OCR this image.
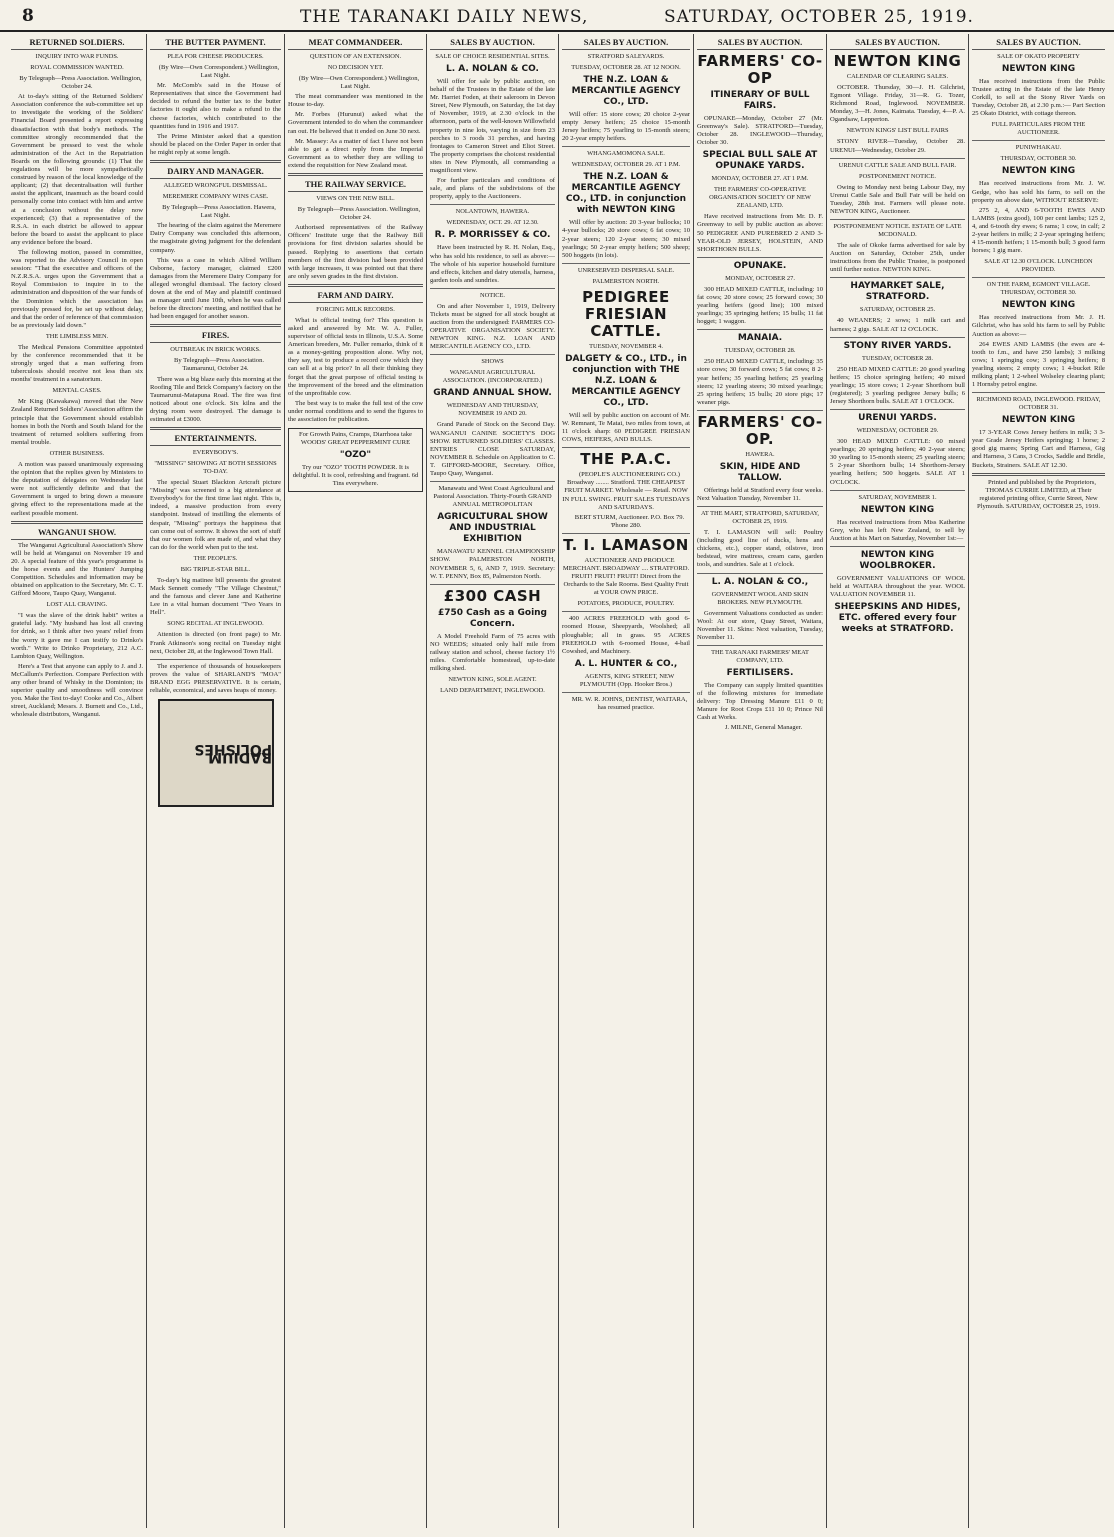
8	THE TARANAKI DAILY NEWS,	SATURDAY, OCTOBER 25, 1919.
RETURNED SOLDIERS.
INQUIRY INTO WAR FUNDS.
ROYAL COMMISSION WANTED.

By Telegraph—Press Association. Wellington, October 24.

At to-day's sitting of the Returned Soldiers' Association conference the sub-committee set up to investigate the working of the Soldiers' Financial Board presented a report expressing dissatisfaction with that body's methods. The committee strongly recommended that the Government be pressed to vest the whole administration of the Act in the Repatriation Boards on the following grounds: (1) That the regulations will be more sympathetically construed by reason of the local knowledge of the applicant; (2) that decentralisation will further assist the applicant, inasmuch as the board could personally come into contact with him and arrive at a conclusion without the delay now experienced; (3) that a representative of the R.S.A. in each district be allowed to appear before the board to assist the applicant to place any evidence before the board.

The following motion, passed in committee, was reported to the Advisory Council in open session: "That the executive and officers of the N.Z.R.S.A. urges upon the Government that a Royal Commission to inquire in to the administration and disposition of the war funds of the Dominion which the association has previously pressed for, be set up without delay, and that the order of reference of that commission be as previously laid down."

THE LIMBLESS MEN.

The Medical Pensions Committee appointed by the conference recommended that it be strongly urged that a man suffering from tuberculosis should receive not less than six months' treatment in a sanatorium.

MENTAL CASES.

Mr King (Kawakawa) moved that the New Zealand Returned Soldiers' Association affirm the principle that the Government should establish homes in both the North and South Island for the treatment of returned soldiers suffering from mental trouble.

OTHER BUSINESS.

A motion was passed unanimously expressing the opinion that the replies given by Ministers to the deputation of delegates on Wednesday last were not sufficiently definite and that the Government is urged to bring down a measure giving effect to the representations made at the earliest possible moment.

WANGANUI SHOW.

The Wanganui Agricultural Association's Show will be held at Wanganui on November 19 and 20. A special feature of this year's programme is the horse events and the Hunters' Jumping Competition. Schedules and information may be obtained on application to the Secretary, Mr. C. T. Gifford Moore, Taupo Quay, Wanganui.

LOST ALL CRAVING.

"I was the slave of the drink habit" writes a grateful lady. "My husband has lost all craving for drink, so I think after two years' relief from the worry it gave me I can testify to Drinko's worth." Write to Drinko Proprietary, 212 A.C. Lambton Quay, Wellington.

Here's a Test that anyone can apply to J. and J. McCallum's Perfection. Compare Perfection with any other brand of Whisky in the Dominion; its superior quality and smoothness will convince you. Make the Test to-day! Cooke and Co., Albert street, Auckland; Messrs. J. Burnett and Co., Ltd., wholesale distributors, Wanganui.

THE BUTTER PAYMENT.
PLEA FOR CHEESE PRODUCERS.

(By Wire—Own Correspondent.) Wellington, Last Night.

Mr. McComb's said in the House of Representatives that since the Government had decided to refund the butter tax to the butter factories it ought also to make a refund to the cheese factories, which contributed to the quantities fund in 1916 and 1917.

The Prime Minister asked that a question should be placed on the Order Paper in order that he might reply at some length.

DAIRY AND MANAGER.
ALLEGED WRONGFUL DISMISSAL.
MEREMERE COMPANY WINS CASE.

By Telegraph—Press Association. Hawera, Last Night.

The hearing of the claim against the Meremere Dairy Company was concluded this afternoon, the magistrate giving judgment for the defendant company.

This was a case in which Alfred William Osborne, factory manager, claimed £200 damages from the Meremere Dairy Company for alleged wrongful dismissal. The factory closed down at the end of May and plaintiff continued as manager until June 10th, when he was called before the directors' meeting, and notified that he had been engaged for another season.

FIRES.
OUTBREAK IN BRICK WORKS.

By Telegraph—Press Association. Taumarunui, October 24.

There was a big blaze early this morning at the Roofing Tile and Brick Company's factory on the Taumarunui-Matapuna Road. The fire was first noticed about one o'clock. Six kilns and the drying room were destroyed. The damage is estimated at £3000.

ENTERTAINMENTS.
EVERYBODY'S.
"MISSING" SHOWING AT BOTH SESSIONS TO-DAY.

The special Stuart Blackton Artcraft picture "Missing" was screened to a big attendance at Everybody's for the first time last night. This is, indeed, a massive production from every standpoint. Instead of instilling the elements of despair, "Missing" portrays the happiness that can come out of sorrow. It shows the sort of stuff that our women folk are made of, and what they can do for the world when put to the test.

THE PEOPLE'S.
BIG TRIPLE-STAR BILL.

To-day's big matinee bill presents the greatest Mack Sennett comedy "The Village Chestnut," and the famous and clever Jane and Katherine Lee in a vital human document "Two Years in Hell".

SONG RECITAL AT INGLEWOOD.

Attention is directed (on front page) to Mr. Frank Atkinson's song recital on Tuesday night next, October 28, at the Inglewood Town Hall.

The experience of thousands of housekeepers proves the value of SHARLAND'S "MOA" BRAND EGG PRESERVATIVE. It is certain, reliable, economical, and saves heaps of money.

RADIUM POLISHES
MEAT COMMANDEER.
QUESTION OF AN EXTENSION.
NO DECISION YET.

(By Wire—Own Correspondent.) Wellington, Last Night.

The meat commandeer was mentioned in the House to-day.

Mr. Forbes (Hurunui) asked what the Government intended to do when the commandeer ran out. He believed that it ended on June 30 next.

Mr. Massey: As a matter of fact I have not been able to get a direct reply from the Imperial Government as to whether they are willing to extend the requisition for New Zealand meat.

THE RAILWAY SERVICE.
VIEWS ON THE NEW BILL.

By Telegraph—Press Association. Wellington, October 24.

Authorised representatives of the Railway Officers' Institute urge that the Railway Bill provisions for first division salaries should be passed. Replying to assertions that certain members of the first division had been provided with large increases, it was pointed out that there are only seven grades in the first division.

FARM AND DAIRY.
FORCING MILK RECORDS.

What is official testing for? This question is asked and answered by Mr. W. A. Fuller, supervisor of official tests in Illinois, U.S.A. Some American breeders, Mr. Fuller remarks, think of it as a money-getting proposition alone. Why not, they say, test to produce a record cow which they can sell at a big price? In all their thinking they forget that the great purpose of official testing is the improvement of the breed and the elimination of the unprofitable cow.

The best way is to make the full test of the cow under normal conditions and to send the figures to the association for publication.

For Growth Pains, Cramps, Diarrhoea take WOODS' GREAT PEPPERMINT CURE
"OZO"
Try our "OZO" TOOTH POWDER. It is delightful. It is cool, refreshing and fragrant. 6d Tins everywhere.
SALES BY AUCTION.
SALE OF CHOICE RESIDENTIAL SITES.
L. A. NOLAN & CO.

Will offer for sale by public auction, on behalf of the Trustees in the Estate of the late Mr. Harriet Foden, at their saleroom in Devon Street, New Plymouth, on Saturday, the 1st day of November, 1919, at 2.30 o'clock in the afternoon, parts of the well-known Willowfield property in nine lots, varying in size from 23 perches to 3 roods 31 perches, and having frontages to Cameron Street and Eliot Street. The property comprises the choicest residential sites in New Plymouth, all commanding a magnificent view.

For further particulars and conditions of sale, and plans of the subdivisions of the property, apply to the Auctioneers.

NOLANTOWN, HAWERA.
WEDNESDAY, OCT. 29. AT 12.30.
R. P. MORRISSEY & CO.

Have been instructed by R. H. Nolan, Esq., who has sold his residence, to sell as above:— The whole of his superior household furniture and effects, kitchen and dairy utensils, harness, garden tools and sundries.

NOTICE.

On and after November 1, 1919, Delivery Tickets must be signed for all stock bought at auction from the undersigned: FARMERS CO-OPERATIVE ORGANISATION SOCIETY. NEWTON KING. N.Z. LOAN AND MERCANTILE AGENCY CO., LTD.

SHOWS
WANGANUI AGRICULTURAL ASSOCIATION. (INCORPORATED.)
GRAND ANNUAL SHOW.
WEDNESDAY AND THURSDAY, NOVEMBER 19 AND 20.

Grand Parade of Stock on the Second Day. WANGANUI CANINE SOCIETY'S DOG SHOW. RETURNED SOLDIERS' CLASSES. ENTRIES CLOSE SATURDAY, NOVEMBER 8. Schedule on Application to C. T. GIFFORD-MOORE, Secretary. Office, Taupo Quay, Wanganui.

Manawatu and West Coast Agricultural and Pastoral Association. Thirty-Fourth GRAND ANNUAL METROPOLITAN

AGRICULTURAL SHOW AND INDUSTRIAL EXHIBITION

MANAWATU KENNEL CHAMPIONSHIP SHOW. PALMERSTON NORTH, NOVEMBER 5, 6, AND 7, 1919. Secretary: W. T. PENNY, Box 85, Palmerston North.

£300 CASH
£750 Cash as a Going Concern.

A Model Freehold Farm of 75 acres with NO WEEDS; situated only half mile from railway station and school, cheese factory 1½ miles. Comfortable homestead, up-to-date milking shed.

NEWTON KING, SOLE AGENT.
LAND DEPARTMENT, INGLEWOOD.
SALES BY AUCTION.
STRATFORD SALEYARDS.
TUESDAY, OCTOBER 28. AT 12 NOON.
THE N.Z. LOAN & MERCANTILE AGENCY CO., LTD.

Will offer: 15 store cows; 20 choice 2-year empty Jersey heifers; 25 choice 15-month Jersey heifers; 75 yearling to 15-month steers; 20 2-year empty heifers.

WHANGAMOMONA SALE.
WEDNESDAY, OCTOBER 29. AT 1 P.M.
THE N.Z. LOAN & MERCANTILE AGENCY CO., LTD. in conjunction with NEWTON KING

Will offer by auction: 20 3-year bullocks; 10 4-year bullocks; 20 store cows; 6 fat cows; 10 2-year steers; 120 2-year steers; 30 mixed yearlings; 50 2-year empty heifers; 500 sheep; 500 hoggets (in lots).

UNRESERVED DISPERSAL SALE.
PALMERSTON NORTH.
PEDIGREE FRIESIAN CATTLE.
TUESDAY, NOVEMBER 4.
DALGETY & CO., LTD., in conjunction with THE N.Z. LOAN & MERCANTILE AGENCY CO., LTD.

Will sell by public auction on account of Mr. W. Remnant, Te Matai, two miles from town, at 11 o'clock sharp: 60 PEDIGREE FRIESIAN COWS, HEIFERS, AND BULLS.

THE P.A.C.

(PEOPLE'S AUCTIONEERING CO.) Broadway ........ Stratford. THE CHEAPEST FRUIT MARKET. Wholesale — Retail. NOW IN FULL SWING. FRUIT SALES TUESDAYS AND SATURDAYS.

BERT STURM, Auctioneer. P.O. Box 79. 'Phone 280.

T. I. LAMASON

AUCTIONEER AND PRODUCE MERCHANT. BROADWAY .... STRATFORD. FRUIT! FRUIT! FRUIT! Direct from the Orchards to the Sale Rooms. Best Quality Fruit at YOUR OWN PRICE.

POTATOES, PRODUCE, POULTRY.

400 ACRES FREEHOLD with good 6-roomed House, Sheepyards, Woolshed; all ploughable; all in grass. 95 ACRES FREEHOLD with 6-roomed House, 4-bail Cowshed, and Machinery.

A. L. HUNTER & CO.,

AGENTS, KING STREET, NEW PLYMOUTH (Opp. Hooker Bros.)

MR. W. R. JOHNS, DENTIST, WAITARA, has resumed practice.

SALES BY AUCTION.
FARMERS' CO-OP
ITINERARY OF BULL FAIRS.

OPUNAKE—Monday, October 27 (Mr. Greenway's Sale). STRATFORD—Tuesday, October 28. INGLEWOOD—Thursday, October 30.

SPECIAL BULL SALE AT OPUNAKE YARDS.
MONDAY, OCTOBER 27. AT 1 P.M.
THE FARMERS' CO-OPERATIVE ORGANISATION SOCIETY OF NEW ZEALAND, LTD.

Have received instructions from Mr. D. F. Greenway to sell by public auction as above: 50 PEDIGREE AND PUREBRED 2 AND 3-YEAR-OLD JERSEY, HOLSTEIN, AND SHORTHORN BULLS.

OPUNAKE.
MONDAY, OCTOBER 27.

300 HEAD MIXED CATTLE, including: 10 fat cows; 20 store cows; 25 forward cows; 30 yearling heifers (good line); 100 mixed yearlings; 35 springing heifers; 15 bulls; 11 fat hogget; 1 waggon.

MANAIA.
TUESDAY, OCTOBER 28.

250 HEAD MIXED CATTLE, including: 35 store cows; 30 forward cows; 5 fat cows; 8 2-year heifers; 35 yearling heifers; 25 yearling steers; 12 yearling steers; 30 mixed yearlings; 25 spring heifers; 15 bulls; 20 store pigs; 17 weaner pigs.

FARMERS' CO-OP.
HAWERA.
SKIN, HIDE AND TALLOW.

Offerings held at Stratford every four weeks. Next Valuation Tuesday, November 11.

AT THE MART, STRATFORD, SATURDAY, OCTOBER 25, 1919.

T. I. LAMASON will sell: Poultry (including good line of ducks, hens and chickens, etc.), copper stand, oilstove, iron bedstead, wire mattress, cream cans, garden tools, and sundries. Sale at 1 o'clock.

L. A. NOLAN & CO.,
GOVERNMENT WOOL AND SKIN BROKERS. NEW PLYMOUTH.

Government Valuations conducted as under: Wool: At our store, Quay Street, Waitara, November 11. Skins: Next valuation, Tuesday, November 11.

THE TARANAKI FARMERS' MEAT COMPANY, LTD.
FERTILISERS.

The Company can supply limited quantities of the following mixtures for immediate delivery: Top Dressing Manure £11 0 0; Manure for Root Crops £11 10 0; Prince Nil Cash at Works.

J. MILNE, General Manager.

SALES BY AUCTION.
NEWTON KING
CALENDAR OF CLEARING SALES.

OCTOBER. Thursday, 30—J. H. Gilchrist, Egmont Village. Friday, 31—R. G. Tozer, Richmond Road, Inglewood. NOVEMBER. Monday, 3—H. Jones, Kaimata. Tuesday, 4—P. A. Ogandsaw, Lepperton.

NEWTON KINGS' LIST BULL FAIRS

STONY RIVER—Tuesday, October 28. URENUI—Wednesday, October 29.

URENUI CATTLE SALE AND BULL FAIR.
POSTPONEMENT NOTICE.

Owing to Monday next being Labour Day, my Urenui Cattle Sale and Bull Fair will be held on Tuesday, 28th inst. Farmers will please note. NEWTON KING, Auctioneer.

POSTPONEMENT NOTICE. ESTATE OF LATE MCDONALD.

The sale of Okoke farms advertised for sale by Auction on Saturday, October 25th, under instructions from the Public Trustee, is postponed until further notice. NEWTON KING.

HAYMARKET SALE, STRATFORD.
SATURDAY, OCTOBER 25.

40 WEANERS; 2 sows; 1 milk cart and harness; 2 gigs. SALE AT 12 O'CLOCK.

STONY RIVER YARDS.
TUESDAY, OCTOBER 28.

250 HEAD MIXED CATTLE: 20 good yearling heifers; 15 choice springing heifers; 40 mixed yearlings; 15 store cows; 1 2-year Shorthorn bull (registered); 3 yearling pedigree Jersey bulls; 6 Jersey Shorthorn bulls. SALE AT 1 O'CLOCK.

URENUI YARDS.
WEDNESDAY, OCTOBER 29.

300 HEAD MIXED CATTLE: 60 mixed yearlings; 20 springing heifers; 40 2-year steers; 30 yearling to 15-month steers; 25 yearling steers; 5 2-year Shorthorn bulls; 14 Shorthorn-Jersey yearling heifers; 500 hoggets. SALE AT 1 O'CLOCK.

SATURDAY, NOVEMBER 1.
NEWTON KING

Has received instructions from Miss Katherine Grey, who has left New Zealand, to sell by Auction at his Mart on Saturday, November 1st:—

NEWTON KING WOOLBROKER.

GOVERNMENT VALUATIONS OF WOOL held at WAITARA throughout the year. WOOL VALUATION NOVEMBER 11.

SHEEPSKINS AND HIDES, ETC. offered every four weeks at STRATFORD.
SALES BY AUCTION.
SALE OF OKATO PROPERTY
NEWTON KING

Has received instructions from the Public Trustee acting in the Estate of the late Henry Corkill, to sell at the Stony River Yards on Tuesday, October 28, at 2.30 p.m.:— Part Section 25 Okato District, with cottage thereon.

FULL PARTICULARS FROM THE AUCTIONEER.
PUNIWHAKAU.
THURSDAY, OCTOBER 30.
NEWTON KING

Has received instructions from Mr. J. W. Gedge, who has sold his farm, to sell on the property on above date, WITHOUT RESERVE:

275 2, 4, AND 6-TOOTH EWES AND LAMBS (extra good), 100 per cent lambs; 125 2, 4, and 6-tooth dry ewes; 6 rams; 1 cow, in calf; 2 2-year heifers in milk; 2 2-year springing heifers; 4 15-month heifers; 1 15-month bull; 3 good farm horses; 1 gig mare.

SALE AT 12.30 O'CLOCK. LUNCHEON PROVIDED.
ON THE FARM, EGMONT VILLAGE. THURSDAY, OCTOBER 30.
NEWTON KING

Has received instructions from Mr. J. H. Gilchrist, who has sold his farm to sell by Public Auction as above:—

264 EWES AND LAMBS (the ewes are 4-tooth to f.m., and have 250 lambs); 3 milking cows; 1 springing cow; 3 springing heifers; 8 yearling steers; 2 empty cows; 1 4-bucket Rile milking plant; 1 2-wheel Wolseley clearing plant; 1 Hornsby petrol engine.

RICHMOND ROAD, INGLEWOOD. FRIDAY, OCTOBER 31.
NEWTON KING

17 3-YEAR Cows Jersey heifers in milk; 3 3-year Grade Jersey Heifers springing; 1 horse; 2 good gig mares; Spring Cart and Harness, Gig and Harness, 3 Cans, 3 Crocks, Saddle and Bridle, Buckets, Strainers. SALE AT 12.30.

Printed and published by the Proprietors, THOMAS CURRIE LIMITED, at Their registered printing office, Currie Street, New Plymouth. SATURDAY, OCTOBER 25, 1919.
